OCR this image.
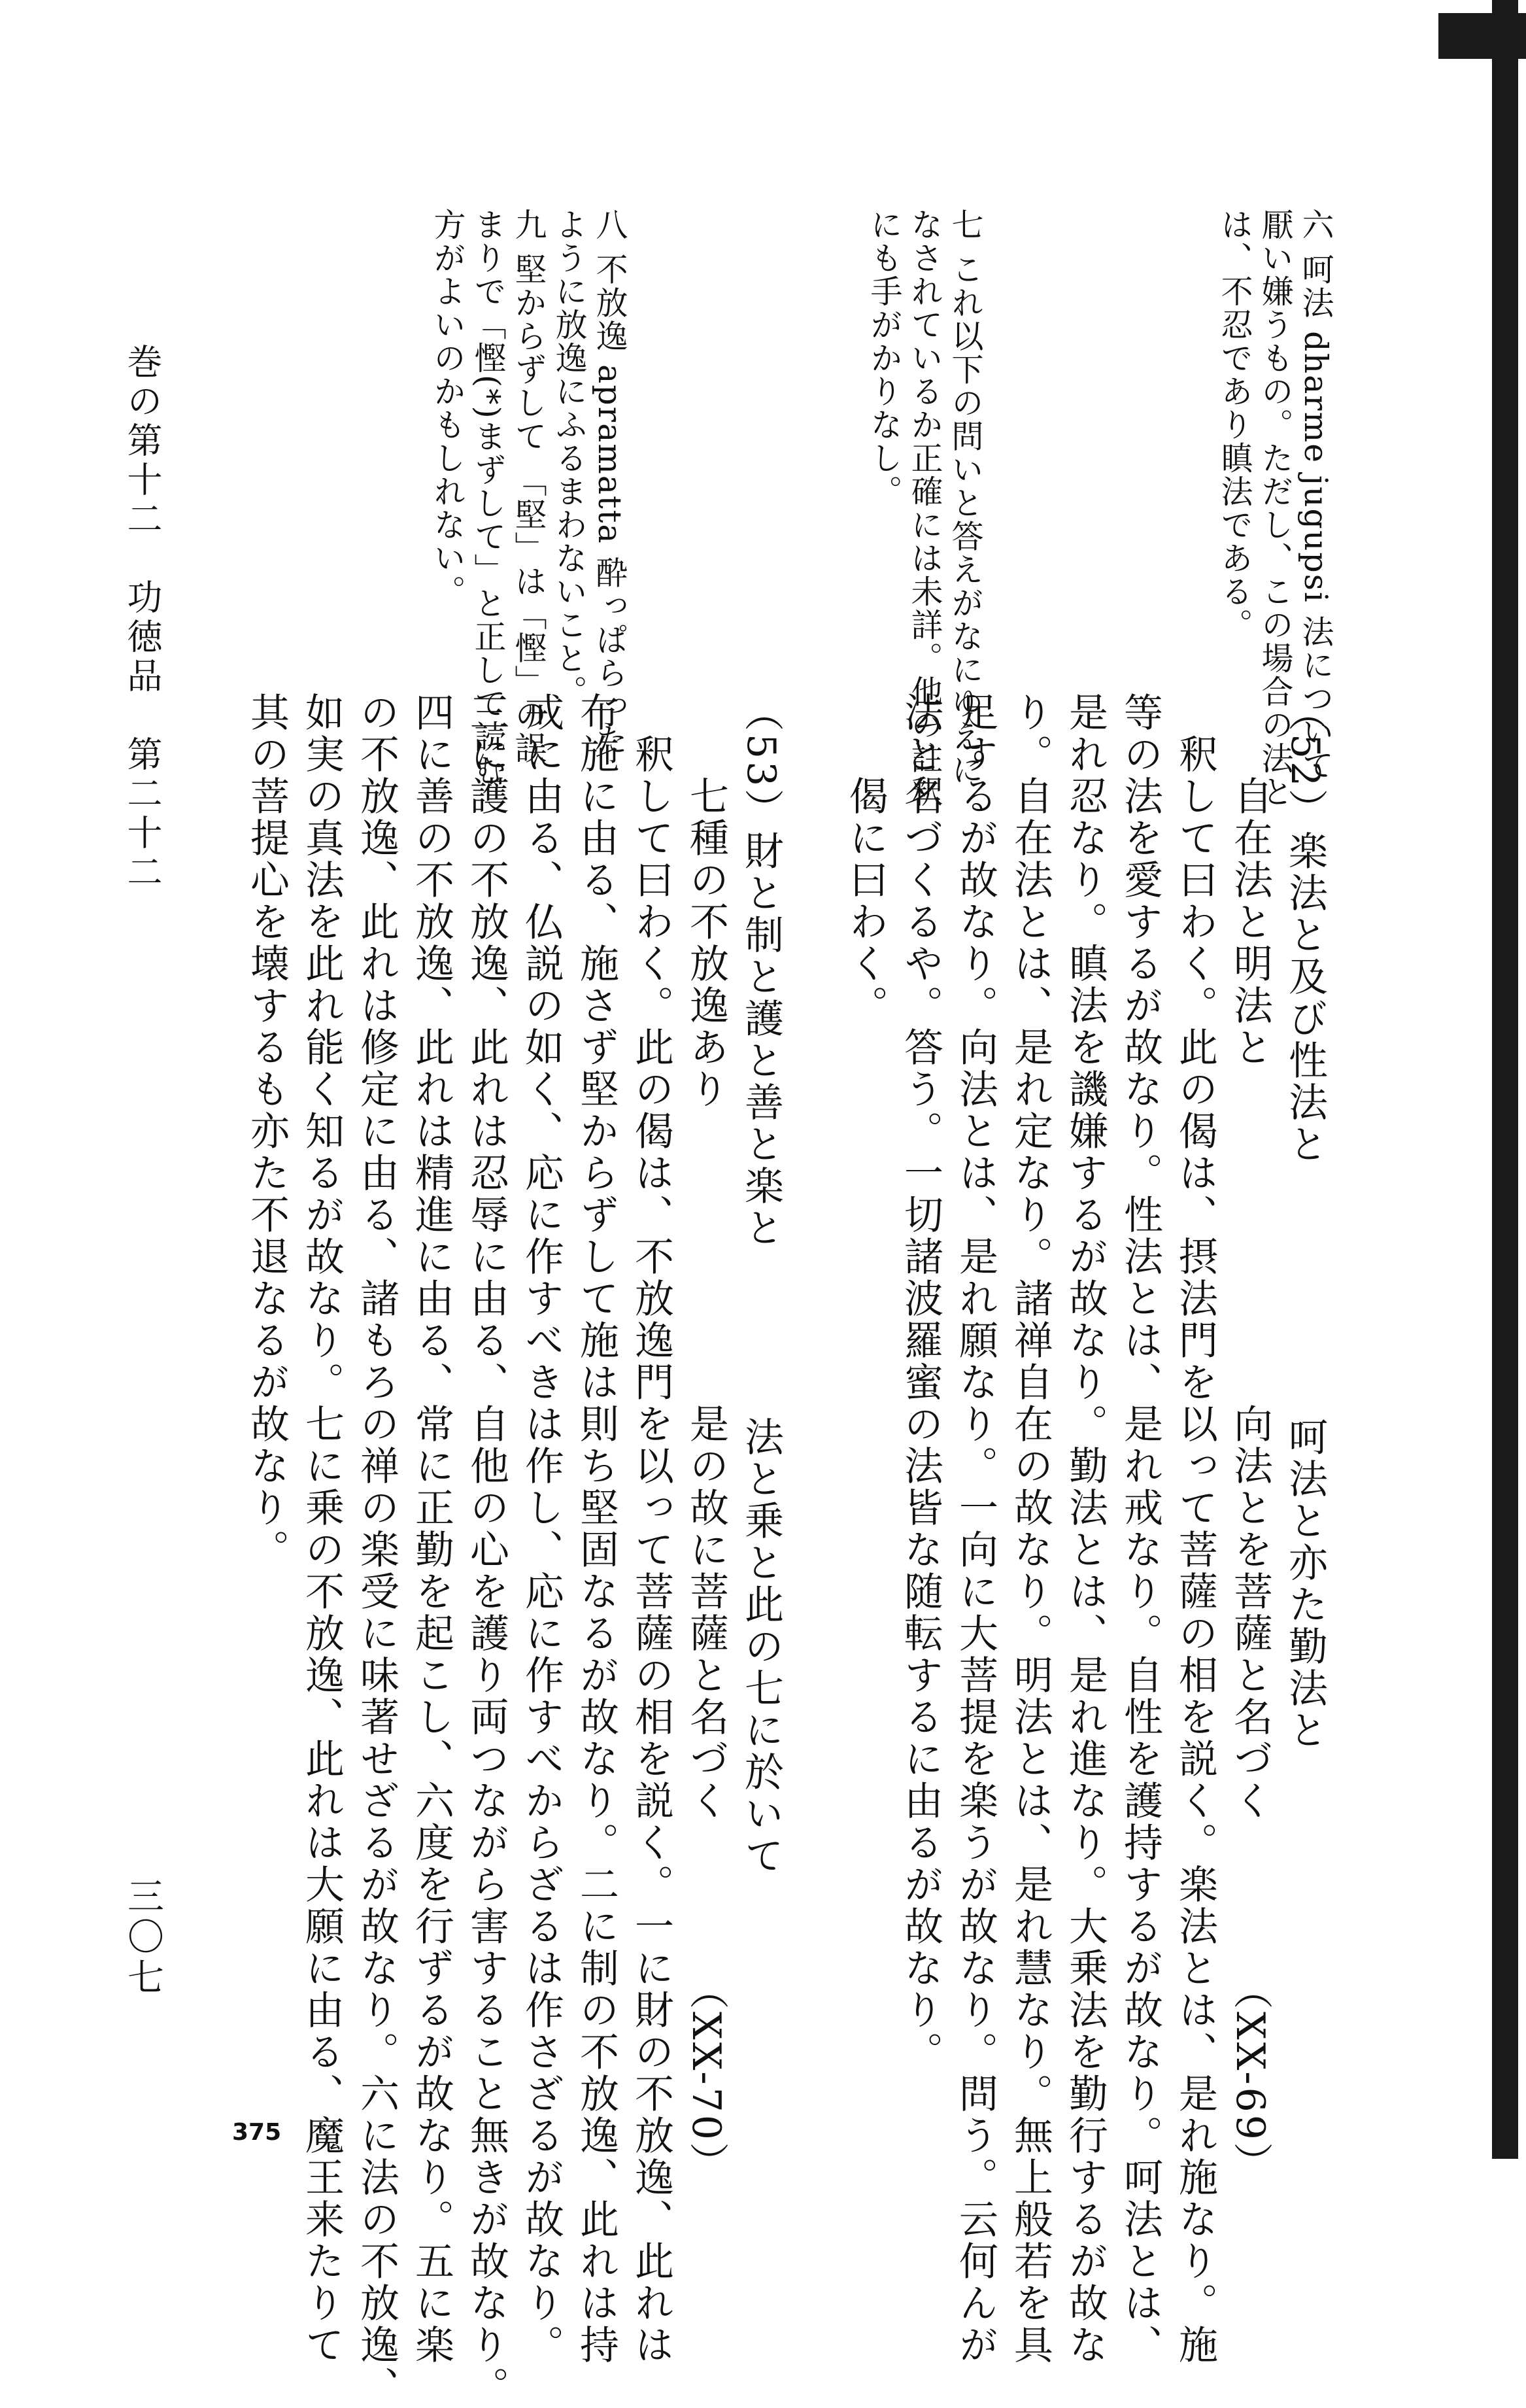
六 呵法 dharme jugupsi 法について
厭い嫌うもの。ただし、この場合の法と
は、不忍であり瞋法である。
七 これ以下の問いと答えがなにゆえに
なされているか正確には未詳。他の註釈
にも手がかりなし。
八 不放逸 apramatta 酔っぱらった
ように放逸にふるまわないこと。
九 堅からずして 「堅」は「慳」の誤
まりで「慳(*)まずして」と正して読む
方がよいのかもしれない。
（52）楽法と及び性法と　　　　　　呵法と亦た勤法と
　　自在法と明法と　　　　　　　　向法とを菩薩と名づく　　　　（XX-69）
　釈して曰わく。此の偈は、摂法門を以って菩薩の相を説く。楽法とは、是れ施なり。施
等の法を愛するが故なり。性法とは、是れ戒なり。自性を護持するが故なり。呵法とは、
是れ忍なり。瞋法を譏嫌するが故なり。勤法とは、是れ進なり。大乗法を勤行するが故な
り。自在法とは、是れ定なり。諸禅自在の故なり。明法とは、是れ慧なり。無上般若を具
足するが故なり。向法とは、是れ願なり。一向に大菩提を楽うが故なり。問う。云何んが
法と名づくるや。答う。一切諸波羅蜜の法皆な随転するに由るが故なり。
　　偈に曰わく。
（53）財と制と護と善と楽と　　　　法と乗と此の七に於いて
　　七種の不放逸あり　　　　　　　是の故に菩薩と名づく　　　　（XX-70）
　釈して曰わく。此の偈は、不放逸門を以って菩薩の相を説く。一に財の不放逸、此れは
布施に由る、施さず堅からずして施は則ち堅固なるが故なり。二に制の不放逸、此れは持
戒に由る、仏説の如く、応に作すべきは作し、応に作すべからざるは作さざるが故なり。
三に護の不放逸、此れは忍辱に由る、自他の心を護り両つながら害すること無きが故なり。
四に善の不放逸、此れは精進に由る、常に正勤を起こし、六度を行ずるが故なり。五に楽
の不放逸、此れは修定に由る、諸もろの禅の楽受に味著せざるが故なり。六に法の不放逸、
如実の真法を此れ能く知るが故なり。七に乗の不放逸、此れは大願に由る、魔王来たりて
其の菩提心を壊するも亦た不退なるが故なり。
巻の第十二　功徳品　第二十二
三〇七
375
